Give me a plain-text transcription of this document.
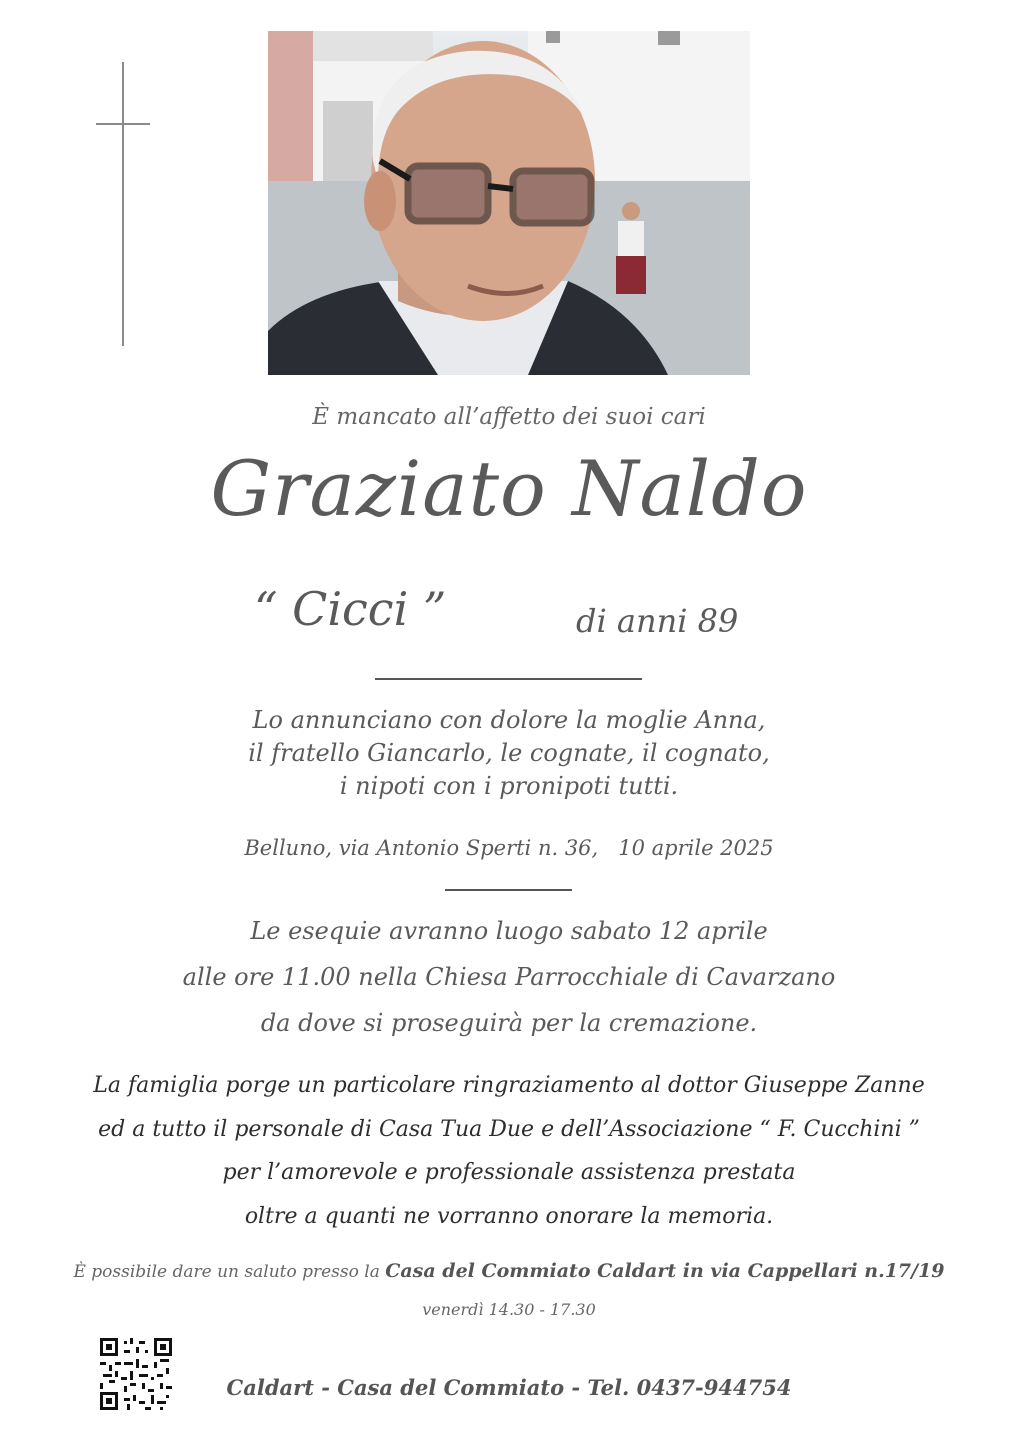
È mancato all’affetto dei suoi cari
Graziato Naldo
“ Cicci ”	di anni 89
Lo annunciano con dolore la moglie Anna,
il fratello Giancarlo, le cognate, il cognato,
i nipoti con i pronipoti tutti.
Belluno, via Antonio Sperti n. 36,   10 aprile 2025
Le esequie avranno luogo sabato 12 aprile
alle ore 11.00 nella Chiesa Parrocchiale di Cavarzano
da dove si proseguirà per la cremazione.
La famiglia porge un particolare ringraziamento al dottor Giuseppe Zanne
ed a tutto il personale di Casa Tua Due e dell’Associazione “ F. Cucchini ”
per l’amorevole e professionale assistenza prestata
oltre a quanti ne vorranno onorare la memoria.
È possibile dare un saluto presso la Casa del Commiato Caldart in via Cappellari n.17/19
venerdì 14.30 - 17.30
Caldart - Casa del Commiato - Tel. 0437-944754
